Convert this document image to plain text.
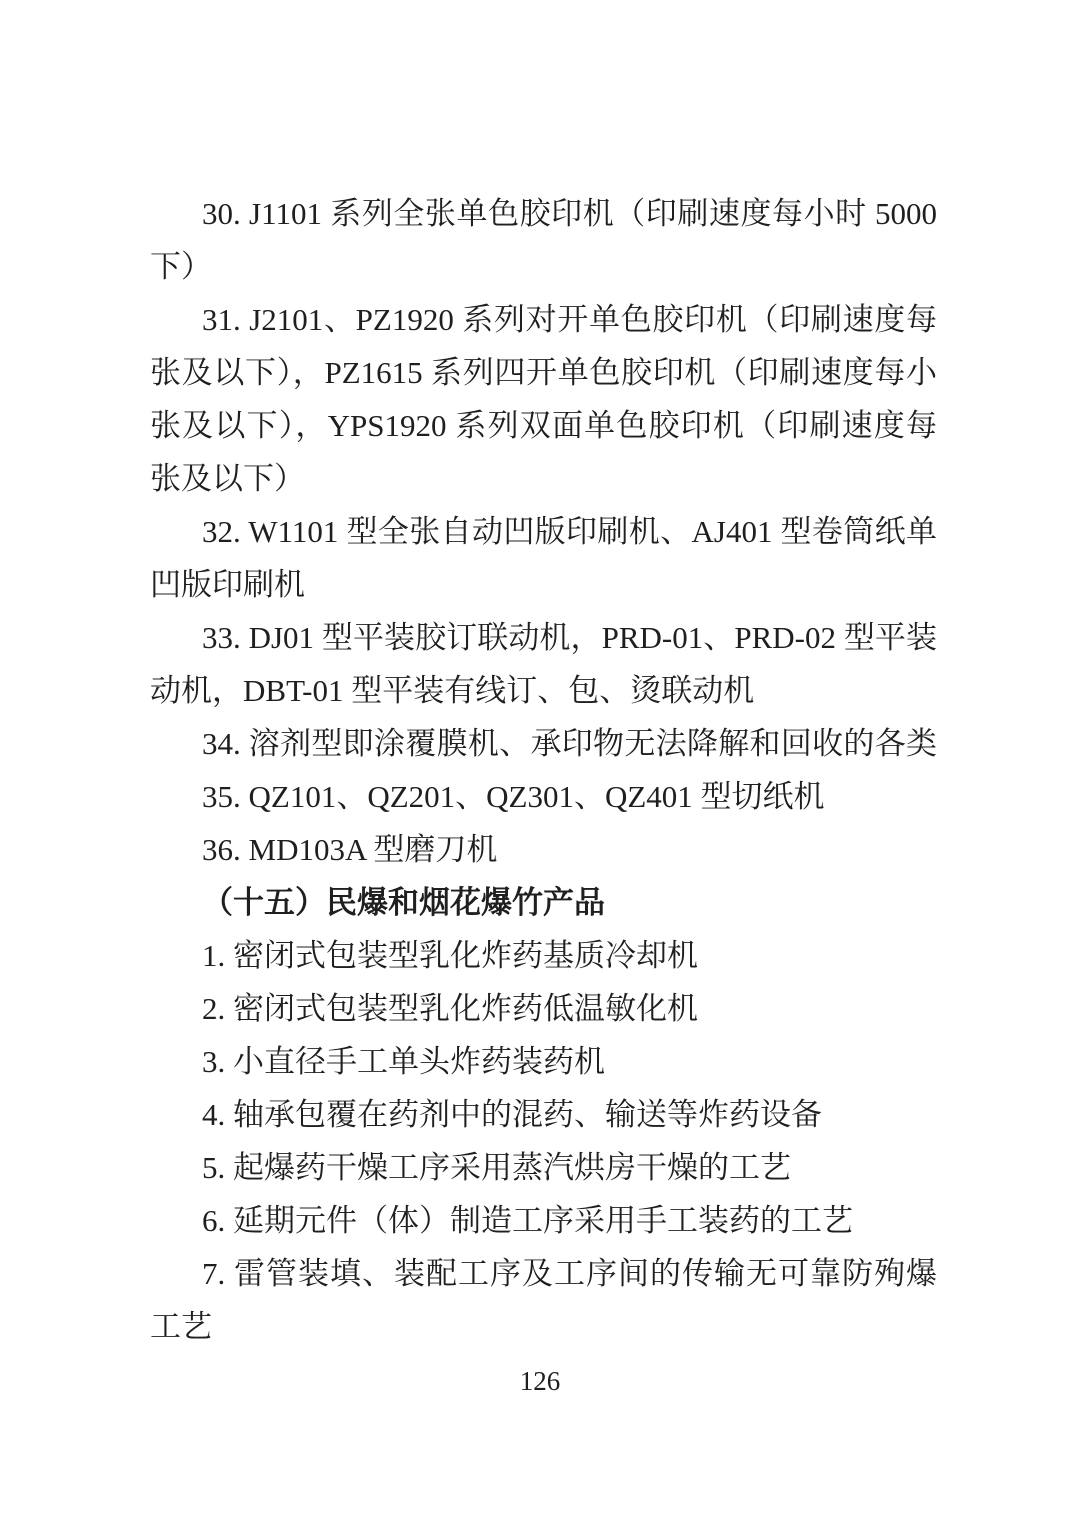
30. J1101 系列全张单色胶印机（印刷速度每小时 5000
下）
31. J2101、PZ1920 系列对开单色胶印机（印刷速度每
张及以下），PZ1615 系列四开单色胶印机（印刷速度每小
张及以下），YPS1920 系列双面单色胶印机（印刷速度每
张及以下）
32. W1101 型全张自动凹版印刷机、AJ401 型卷筒纸单
凹版印刷机
33. DJ01 型平装胶订联动机，PRD-01、PRD-02 型平装
动机，DBT-01 型平装有线订、包、烫联动机
34. 溶剂型即涂覆膜机、承印物无法降解和回收的各类
35. QZ101、QZ201、QZ301、QZ401 型切纸机
36. MD103A 型磨刀机
（十五）民爆和烟花爆竹产品
1. 密闭式包装型乳化炸药基质冷却机
2. 密闭式包装型乳化炸药低温敏化机
3. 小直径手工单头炸药装药机
4. 轴承包覆在药剂中的混药、输送等炸药设备
5. 起爆药干燥工序采用蒸汽烘房干燥的工艺
6. 延期元件（体）制造工序采用手工装药的工艺
7. 雷管装填、装配工序及工序间的传输无可靠防殉爆
工艺
126
